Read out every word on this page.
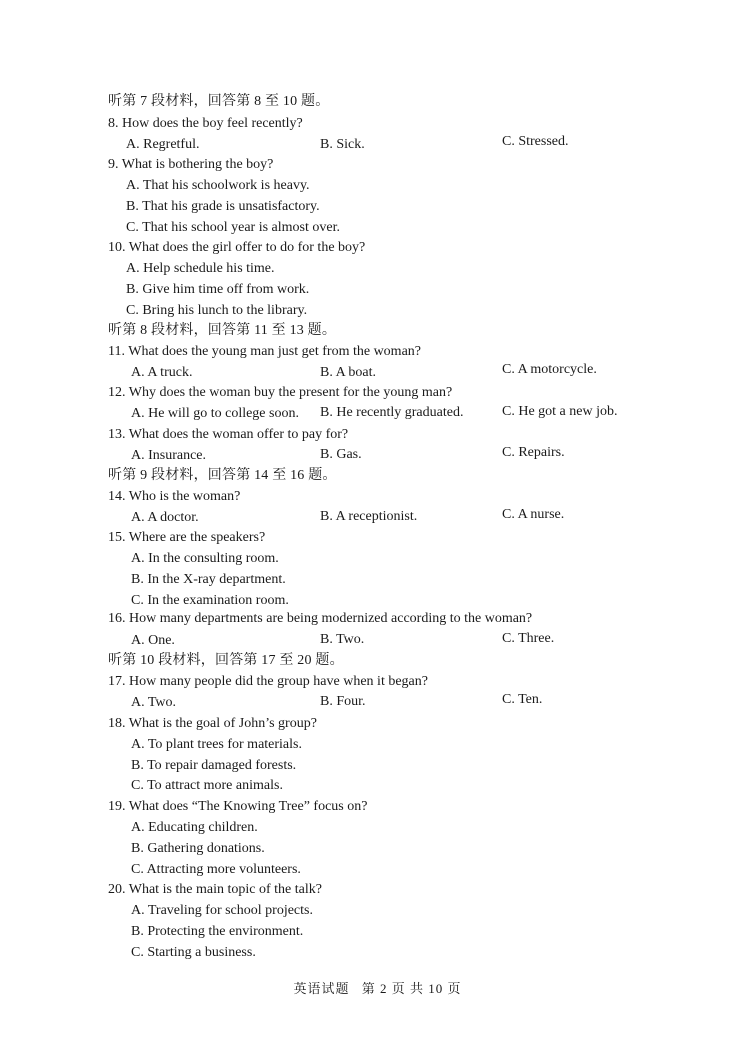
听第 7 段材料，回答第 8 至 10 题。
8. How does the boy feel recently?
A. Regretful.	B. Sick.	C. Stressed.
9. What is bothering the boy?
A. That his schoolwork is heavy.
B. That his grade is unsatisfactory.
C. That his school year is almost over.
10. What does the girl offer to do for the boy?
A. Help schedule his time.
B. Give him time off from work.
C. Bring his lunch to the library.
听第 8 段材料，回答第 11 至 13 题。
11. What does the young man just get from the woman?
A. A truck.	B. A boat.	C. A motorcycle.
12. Why does the woman buy the present for the young man?
A. He will go to college soon. B. He recently graduated.	C. He got a new job.
13. What does the woman offer to pay for?
A. Insurance.	B. Gas.	C. Repairs.
听第 9 段材料，回答第 14 至 16 题。
14. Who is the woman?
A. A doctor.	B. A receptionist.	C. A nurse.
15. Where are the speakers?
A. In the consulting room.
B. In the X-ray department.
C. In the examination room.
16. How many departments are being modernized according to the woman?
A. One.	B. Two.	C. Three.
听第 10 段材料，回答第 17 至 20 题。
17. How many people did the group have when it began?
A. Two.	B. Four.	C. Ten.
18. What is the goal of John’s group?
A. To plant trees for materials.
B. To repair damaged forests.
C. To attract more animals.
19. What does “The Knowing Tree” focus on?
A. Educating children.
B. Gathering donations.
C. Attracting more volunteers.
20. What is the main topic of the talk?
A. Traveling for school projects.
B. Protecting the environment.
C. Starting a business.
英语试题 第 2 页 共 10 页
